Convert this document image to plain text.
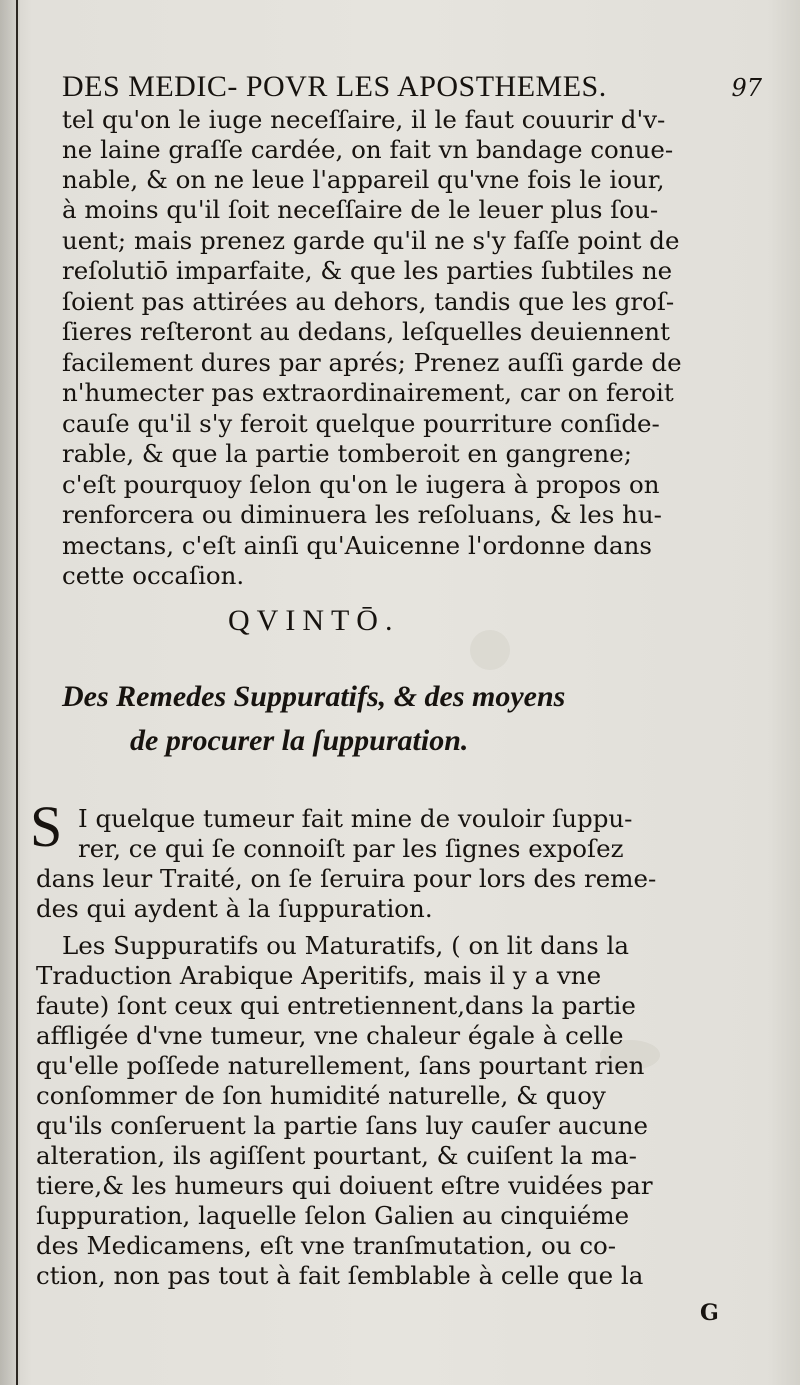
DES MEDIC- POVR LES APOSTHEMES.	97

tel qu'on le iuge neceſſaire, il le faut couurir d'v-

ne laine graſſe cardée, on fait vn bandage conue-

nable, & on ne leue l'appareil qu'vne fois le iour,

à moins qu'il ſoit neceſſaire de le leuer plus ſou-

uent; mais prenez garde qu'il ne s'y faſſe point de

reſolutiō imparfaite, & que les parties ſubtiles ne

ſoient pas attirées au dehors, tandis que les groſ-

ſieres reſteront au dedans, leſquelles deuiennent

facilement dures par aprés; Prenez auſſi garde de

n'humecter pas extraordinairement, car on feroit

cauſe qu'il s'y feroit quelque pourriture conſide-

rable, & que la partie tomberoit en gangrene;

c'eſt pourquoy ſelon qu'on le iugera à propos on

renforcera ou diminuera les reſoluans, & les hu-

mectans, c'eſt ainſi qu'Auicenne l'ordonne dans

cette occaſion.

QVINTŌ.
Des Remedes Suppuratifs, & des moyens
de procurer la ſuppuration.
S I quelque tumeur fait mine de vouloir ſuppu-

rer, ce qui ſe connoiſt par les ſignes expoſez

dans leur Traité, on ſe ſeruira pour lors des reme-

des qui aydent à la ſuppuration.

Les Suppuratifs ou Maturatifs, ( on lit dans la

Traduction Arabique Aperitifs, mais il y a vne

faute) ſont ceux qui entretiennent,dans la partie

affligée d'vne tumeur, vne chaleur égale à celle

qu'elle poſſede naturellement, ſans pourtant rien

conſommer de ſon humidité naturelle, & quoy

qu'ils conſeruent la partie ſans luy cauſer aucune

alteration, ils agiſſent pourtant, & cuiſent la ma-

tiere,& les humeurs qui doiuent eſtre vuidées par

ſuppuration, laquelle ſelon Galien au cinquiéme

des Medicamens, eſt vne tranſmutation, ou co-

ction, non pas tout à fait ſemblable à celle que la

G
